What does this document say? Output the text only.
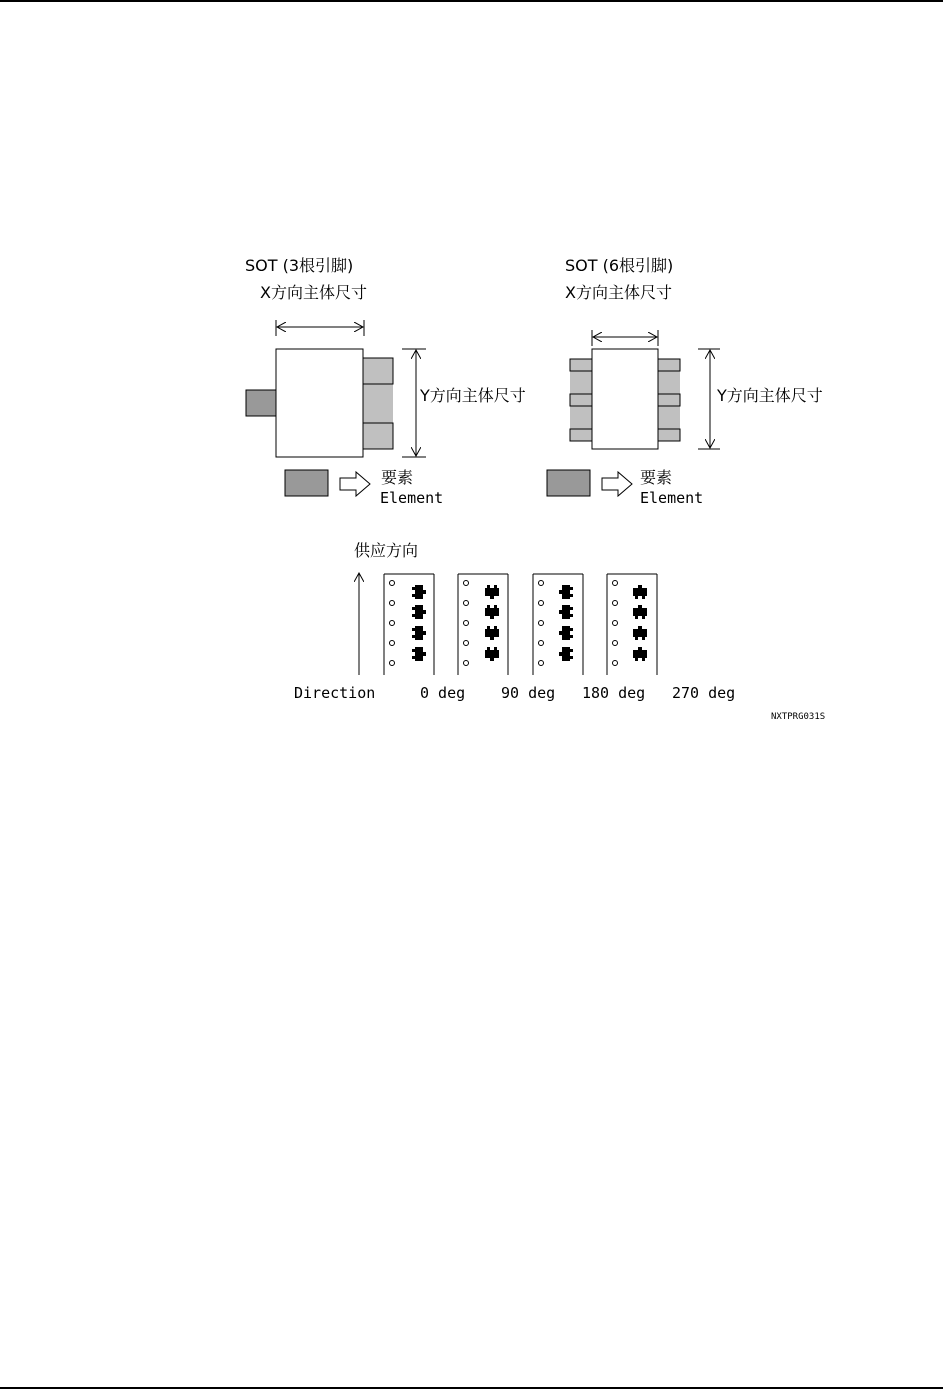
SOT (3根引脚)
X方向主体尺寸
Y方向主体尺寸
要素
Element
SOT (6根引脚)
X方向主体尺寸
Y方向主体尺寸
要素
Element
供应方向
Direction	0 deg 90 deg 180 deg 270 deg
NXTPRG031S
